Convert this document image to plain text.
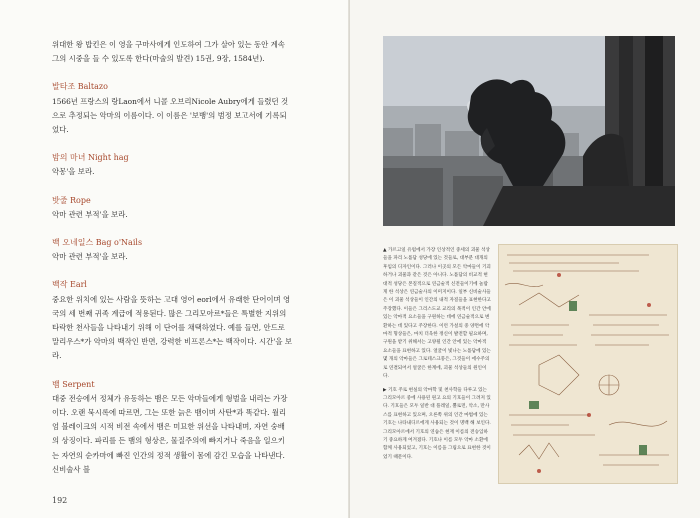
위대한 왕 밥킨은 이 영을 구마사에게 인도하여 그가 살아 있는 동안 계속 그의 시중을 들 수 있도록 한다(마술의 발견) 15권, 9장, 1584년).

발타조 Baltazo

1566년 프랑스의 랑Laon에서 니콜 오브리Nicole Aubry에게 들렸던 것으로 추정되는 악마의 이름이다. 이 이름은 '보뱅'의 범정 보고서에 기록되었다.

밤의 마녀 Night hag

악몽'을 보라.

밧줄 Rope

악마 관련 부적'을 보라.

백 오네일스 Bag o'Nails

악마 관련 부적'을 보라.

백작 Earl

중요한 위치에 있는 사람을 뜻하는 고대 영어 eorl에서 유래한 단어이며 영국의 세 번째 귀족 계급에 적용된다. 많은 그리모아르*들은 특별한 지위의 타락한 천사들을 나타내기 위해 이 단어를 채택하였다. 예를 들면, 안드로말리우스*가 악마의 백작인 반면, 강력한 비프론스*는 백작이다. 시간'을 보라.

뱀 Serpent

대중 전승에서 정체가 유동하는 뱀은 모든 악마들에게 형벌을 내리는 가장 이다. 오랜 묵시록에 따르면, 그는 또한 늙은 뱀이며 사탄*과 똑같다. 월리엄 블레이크의 시적 비전 속에서 뱀은 미묘한 위선을 나타내며, 자연 숭배의 상징이다. 파리를 든 뱀의 형상은, 물질주의에 빠지거나 죽음을 일으키는 자연의 순카마에 빠진 인간의 정적 생활이 몸에 감긴 모습을 나타낸다. 신비술사 블

192

▲ 가르고일 유럽에서 가장 인상적인 중세의 괴물 석상들을 파리 노틀담 성당에 있는 것들로, 대부분 대개의 후임의 디자인이다. 그러나 이곳의 모든 악마들이 기괴하거나 괴물과 같은 것은 아니다. 노틀담의 비교적 현대적 성당은 본질적으로 연금술적 신전들이기에 놀랍게 한 석상은 연금술사의 이미지이다. 일부 신비술사들은 이 괴물 석상들이 인간의 내적 자질들을 표현한다고 주장했다. 이들은 그리스도교 교리의 목적이 인간 안에 있는 악마적 요소들을 구원하는 데에 연금술적으로 변환하는 데 있다고 주장한다. 이런 가설의 중 양면에 악마적 형상들은, 마치 더욱한 정신이 발전할 필요하며, 구원을 받기 위해서는 고양될 인간 안에 있는 악마적 요소들을 표현하고 있다. 얼굴이 빛나는 노틀담에 있는 몇 개의 악마들은 그로테스크풍은, 그것들이 에수주의로 연결되어서 얼굴은 한계에, 괴물 석상들의 원인이다.

▶ 기호 주로 현실의 악마학 및 천사학들 다루고 있는 그리모아르 중에 사용된 원고 요의 기호들이 그려져 있다. 기호들은 모두 일반 대 플레일, 뿔로먼, 악소, 만사스를 표현하고 있으며, 오른쪽 위의 인간 마법에 있는 기호는 나타내디르에게 사용되는 것이 명백 해 보인다. 그리모아르에서 기호의 연습은 현재 이름의 전승입하기 중요하게 여겨졌다. 기호나 이름 모두 악마 소환에 함께 사용되었고, 기호는 이름을 그림으로 표현한 것이었기 때문이다.
